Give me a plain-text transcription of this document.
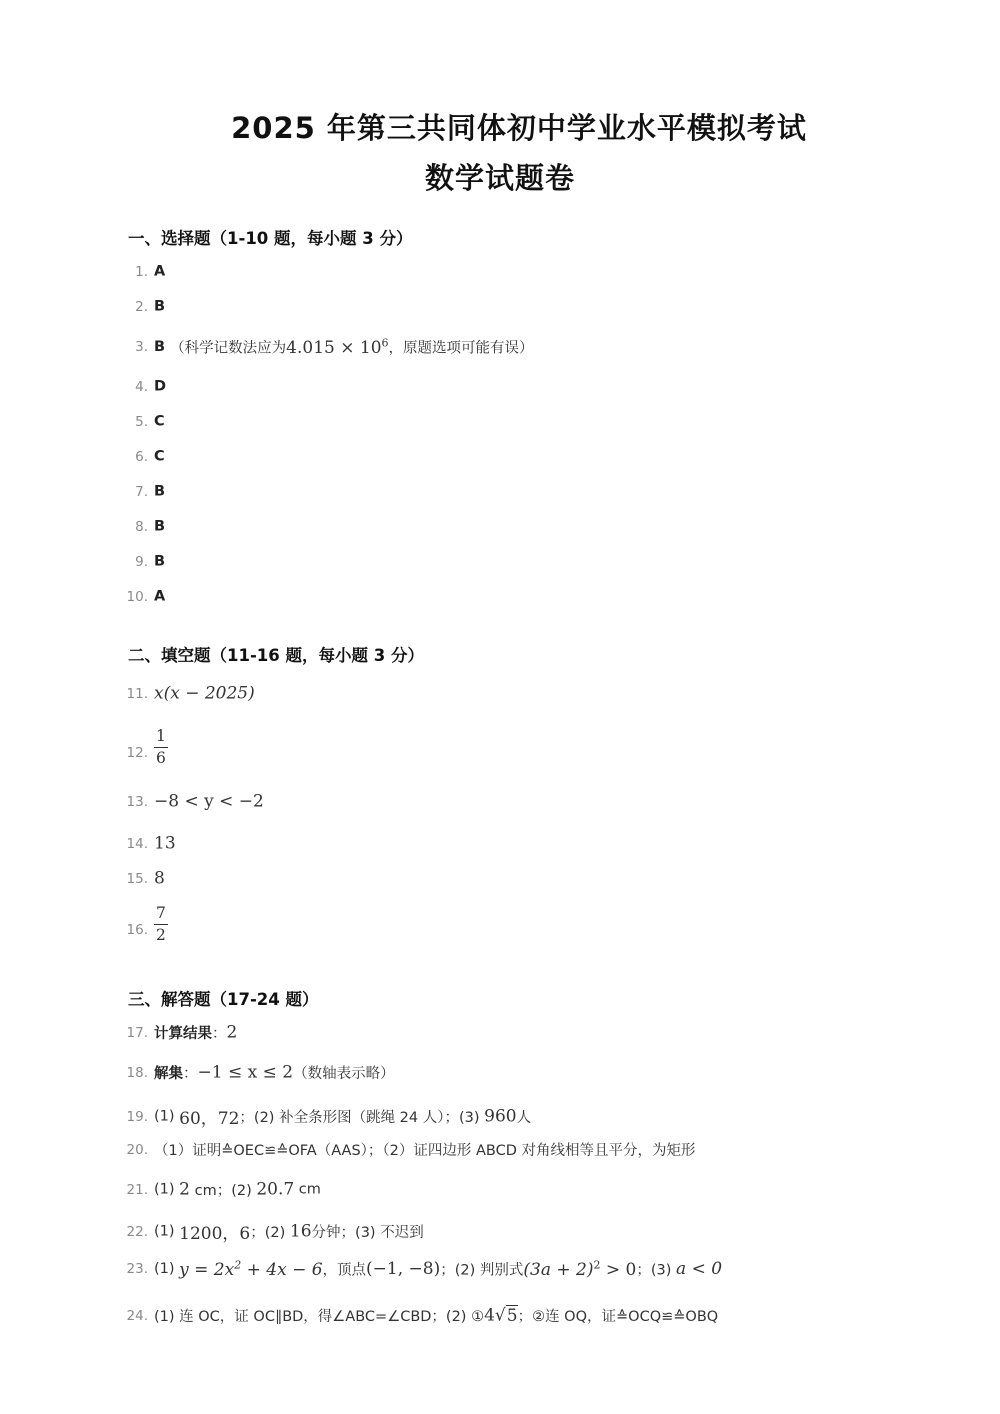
2025 年第三共同体初中学业水平模拟考试
数学试题卷
一、选择题（1-10 题，每小题 3 分）
1. A
2. B
3. B （科学记数法应为$4.015 \times 10^6$，原题选项可能有误）
4. D
5. C
6. C
7. B
8. B
9. B
10. A
二、填空题（11-16 题，每小题 3 分）
11. x(x − 2025)
12. $\frac{1}{6}$
13. −8 < y < −2
14. 13
15. 8
16. $\frac{7}{2}$
三、解答题（17-24 题）
17. 计算结果：2
18. 解集：−1 ≤ x ≤ 2（数轴表示略）
19. (1) 60，72；(2) 补全条形图（跳绳 24 人）；(3) 960人
20. （1）证明≙OEC≌≙OFA（AAS）；（2）证四边形 ABCD 对角线相等且平分，为矩形
21. (1) 2 cm；(2) 20.7 cm
22. (1) 1200，6；(2) 16分钟；(3) 不迟到
23. (1) $y = 2x^2 + 4x - 6$，顶点(−1, −8)；(2) 判别式$(3a + 2)^2 > 0$；(3) a < 0
24. (1) 连 OC，证 OC∥BD，得∠ABC=∠CBD；(2) ①4√5；②连 OQ，证≙OCQ≌≙OBQ
